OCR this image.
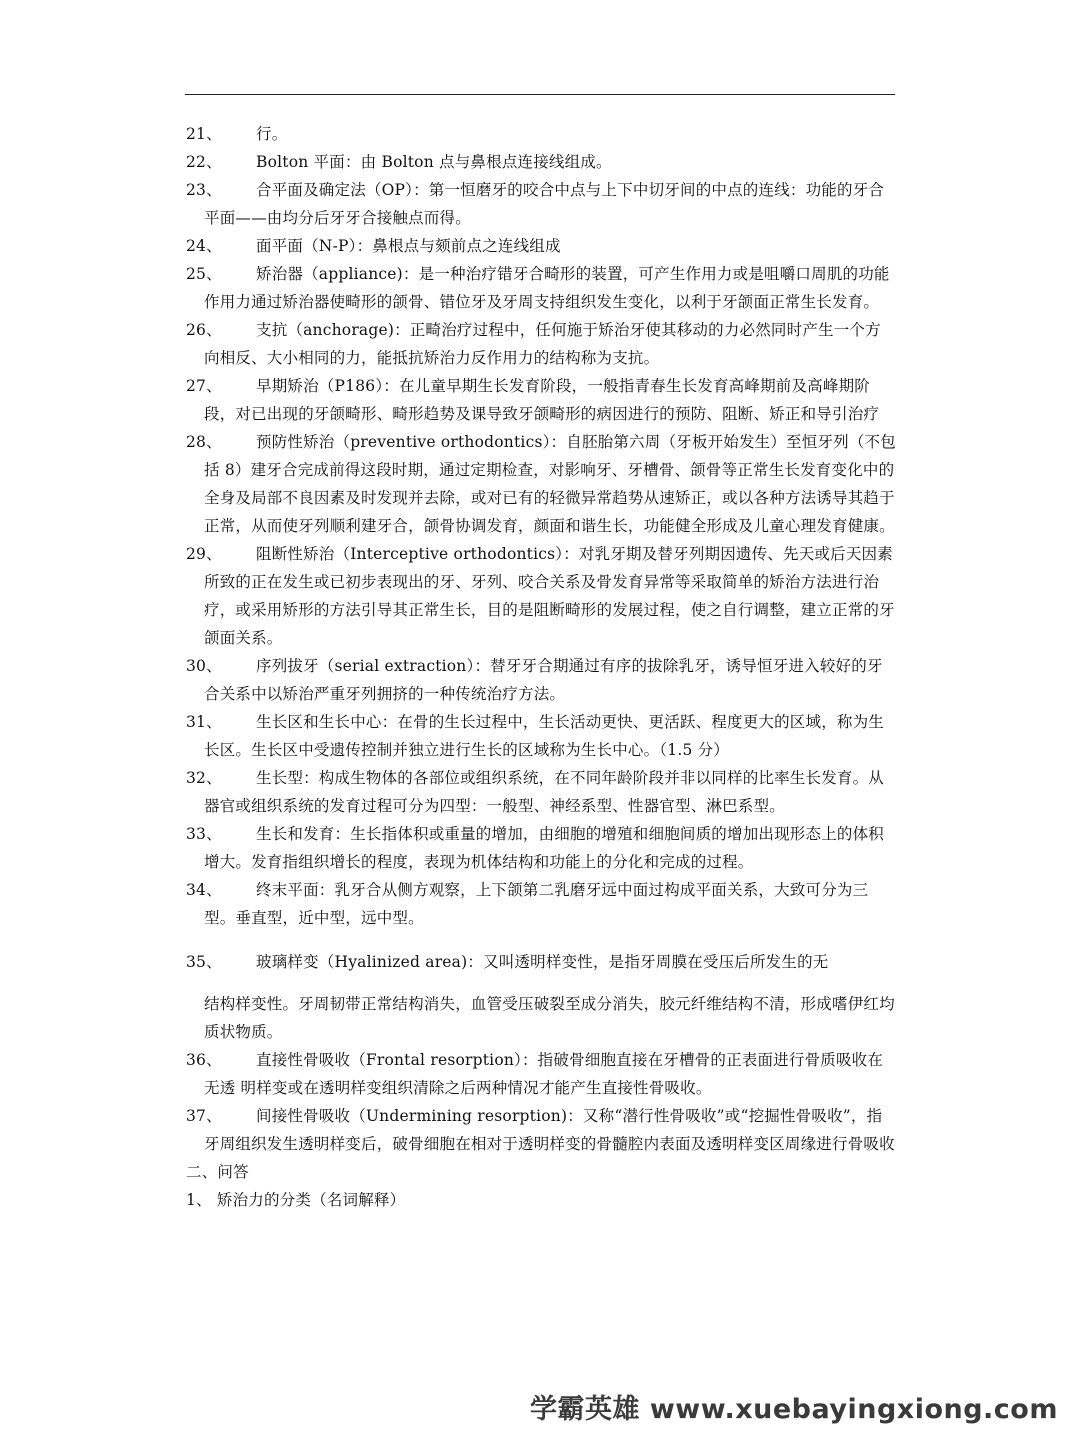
21、	行。
22、	Bolton 平面：由 Bolton 点与鼻根点连接线组成。
23、	合平面及确定法（OP）：第一恒磨牙的咬合中点与上下中切牙间的中点的连线：功能的牙合平面——由均分后牙牙合接触点而得。
24、	面平面（N-P）：鼻根点与颏前点之连线组成
25、	矫治器（appliance)：是一种治疗错牙合畸形的装置，可产生作用力或是咀嚼口周肌的功能作用力通过矫治器使畸形的颌骨、错位牙及牙周支持组织发生变化，以利于牙颌面正常生长发育。
26、	支抗（anchorage)：正畸治疗过程中，任何施于矫治牙使其移动的力必然同时产生一个方向相反、大小相同的力，能抵抗矫治力反作用力的结构称为支抗。
27、	早期矫治（P186）：在儿童早期生长发育阶段，一般指青春生长发育高峰期前及高峰期阶段，对已出现的牙颌畸形、畸形趋势及课导致牙颌畸形的病因进行的预防、阻断、矫正和导引治疗
28、	预防性矫治（preventive orthodontics）：自胚胎第六周（牙板开始发生）至恒牙列（不包括 8）建牙合完成前得这段时期，通过定期检查，对影响牙、牙槽骨、颌骨等正常生长发育变化中的全身及局部不良因素及时发现并去除，或对已有的轻微异常趋势从速矫正，或以各种方法诱导其趋于正常，从而使牙列顺利建牙合，颌骨协调发育，颜面和谐生长，功能健全形成及儿童心理发育健康。
29、	阻断性矫治（Interceptive orthodontics）：对乳牙期及替牙列期因遗传、先天或后天因素所致的正在发生或已初步表现出的牙、牙列、咬合关系及骨发育异常等采取简单的矫治方法进行治疗，或采用矫形的方法引导其正常生长，目的是阻断畸形的发展过程，使之自行调整，建立正常的牙颌面关系。
30、	序列拔牙（serial extraction）：替牙牙合期通过有序的拔除乳牙，诱导恒牙进入较好的牙合关系中以矫治严重牙列拥挤的一种传统治疗方法。
31、	生长区和生长中心：在骨的生长过程中，生长活动更快、更活跃、程度更大的区域，称为生长区。生长区中受遗传控制并独立进行生长的区域称为生长中心。（1.5 分）
32、	生长型：构成生物体的各部位或组织系统，在不同年龄阶段并非以同样的比率生长发育。从器官或组织系统的发育过程可分为四型：一般型、神经系型、性器官型、淋巴系型。
33、	生长和发育：生长指体积或重量的增加，由细胞的增殖和细胞间质的增加出现形态上的体积增大。发育指组织增长的程度，表现为机体结构和功能上的分化和完成的过程。
34、	终末平面：乳牙合从侧方观察，上下颌第二乳磨牙远中面过构成平面关系，大致可分为三型。垂直型，近中型，远中型。
35、	玻璃样变（Hyalinized area)：又叫透明样变性，是指牙周膜在受压后所发生的无
结构样变性。牙周韧带正常结构消失，血管受压破裂至成分消失，胶元纤维结构不清，形成嗜伊红均质状物质。
36、	直接性骨吸收（Frontal resorption）：指破骨细胞直接在牙槽骨的正表面进行骨质吸收在无透 明样变或在透明样变组织清除之后两种情况才能产生直接性骨吸收。
37、	间接性骨吸收（Undermining resorption)：又称“潜行性骨吸收”或“挖掘性骨吸收”，指牙周组织发生透明样变后，破骨细胞在相对于透明样变的骨髓腔内表面及透明样变区周缘进行骨吸收

二、问答

1、 矫治力的分类（名词解释）

学霸英雄 www.xuebayingxiong.com
